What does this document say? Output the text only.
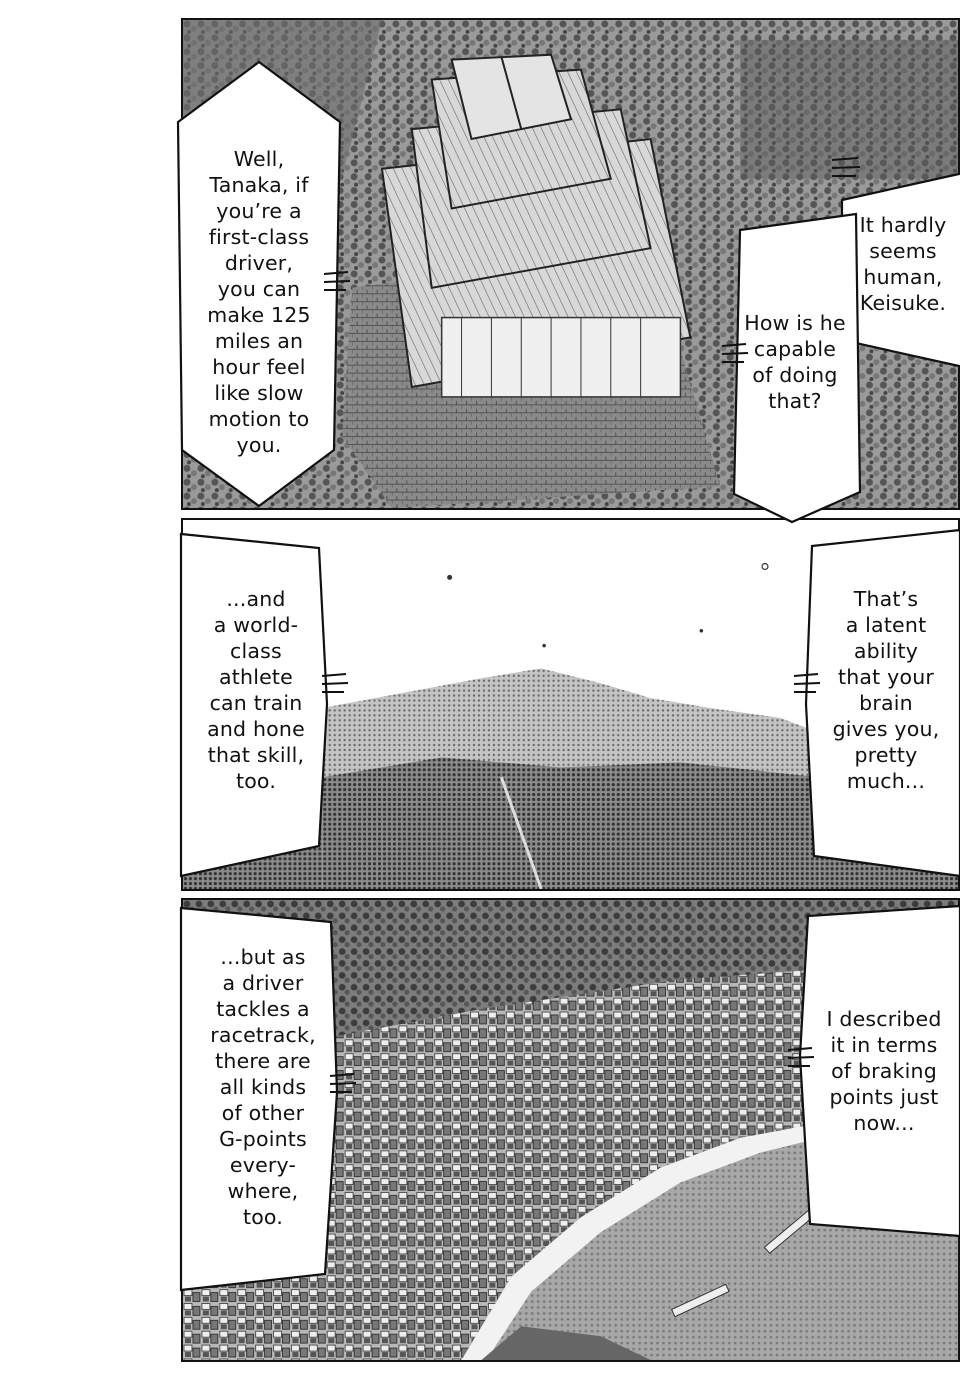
Well,
Tanaka, if
you’re a
first-class
driver,
you can
make 125
miles an
hour feel
like slow
motion to
you.
It hardly
seems
human,
Keisuke.
How is he
capable
of doing
that?
...and
a world-
class
athlete
can train
and hone
that skill,
too.
That’s
a latent
ability
that your
brain
gives you,
pretty
much...
...but as
a driver
tackles a
racetrack,
there are
all kinds
of other
G-points
every-
where,
too.
I described
it in terms
of braking
points just
now...
